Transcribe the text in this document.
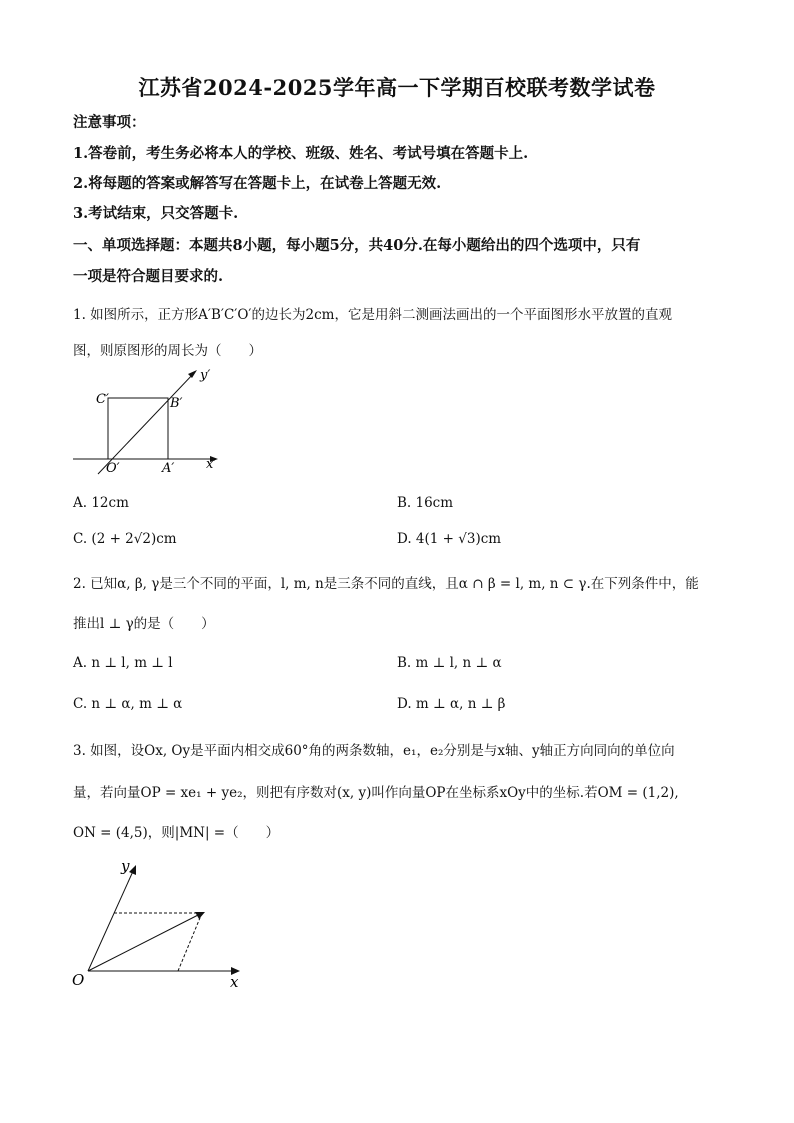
江苏省2024-2025学年高一下学期百校联考数学试卷
注意事项：
1.答卷前，考生务必将本人的学校、班级、姓名、考试号填在答题卡上.
2.将每题的答案或解答写在答题卡上，在试卷上答题无效.
3.考试结束，只交答题卡.
一、单项选择题：本题共8小题，每小题5分，共40分.在每小题给出的四个选项中，只有
一项是符合题目要求的.
1. 如图所示，正方形A′B′C′O′的边长为2cm，它是用斜二测画法画出的一个平面图形水平放置的直观
图，则原图形的周长为（　　）
C′	B′
O′	A′ x′
y′
A. 12cm	B. 16cm
C. (2 + 2√2)cm	D. 4(1 + √3)cm
2. 已知α, β, γ是三个不同的平面，l, m, n是三条不同的直线，且α ∩ β = l, m, n ⊂ γ.在下列条件中，能
推出l ⊥ γ的是（　　）
A. n ⊥ l, m ⊥ l	B. m ⊥ l, n ⊥ α
C. n ⊥ α, m ⊥ α	D. m ⊥ α, n ⊥ β
3. 如图，设Ox, Oy是平面内相交成60°角的两条数轴，e₁，e₂分别是与x轴、y轴正方向同向的单位向
量，若向量OP = xe₁ + ye₂，则把有序数对(x, y)叫作向量OP在坐标系xOy中的坐标.若OM = (1,2),
ON = (4,5)，则|MN| =（　　）
y
O	x
